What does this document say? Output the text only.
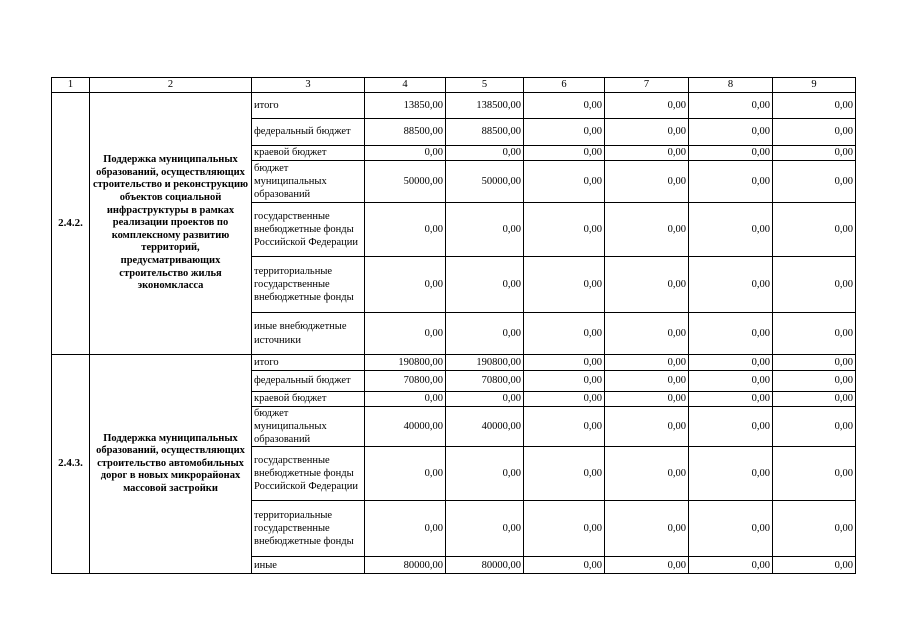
1	2	3	4	5	6	7	8	9
2.4.2.	Поддержка муниципальных образований, осуществляющих строительство и реконструкцию объектов социальной инфраструктуры в рамках реализации проектов по комплексному развитию территорий, предусматривающих строительство жилья экономкласса	итого	13850,00	138500,00	0,00	0,00	0,00	0,00
		федеральный бюджет	88500,00	88500,00	0,00	0,00	0,00	0,00
		краевой бюджет	0,00	0,00	0,00	0,00	0,00	0,00
		бюджет муниципальных образований	50000,00	50000,00	0,00	0,00	0,00	0,00
		государственные внебюджетные фонды Российской Федерации	0,00	0,00	0,00	0,00	0,00	0,00
		территориальные государственные внебюджетные фонды	0,00	0,00	0,00	0,00	0,00	0,00
		иные внебюджетные источники	0,00	0,00	0,00	0,00	0,00	0,00
2.4.3.	Поддержка муниципальных образований, осуществляющих строительство автомобильных дорог в новых микрорайонах массовой застройки	итого	190800,00	190800,00	0,00	0,00	0,00	0,00
		федеральный бюджет	70800,00	70800,00	0,00	0,00	0,00	0,00
		краевой бюджет	0,00	0,00	0,00	0,00	0,00	0,00
		бюджет муниципальных образований	40000,00	40000,00	0,00	0,00	0,00	0,00
		государственные внебюджетные фонды Российской Федерации	0,00	0,00	0,00	0,00	0,00	0,00
		территориальные государственные внебюджетные фонды	0,00	0,00	0,00	0,00	0,00	0,00
		иные	80000,00	80000,00	0,00	0,00	0,00	0,00
